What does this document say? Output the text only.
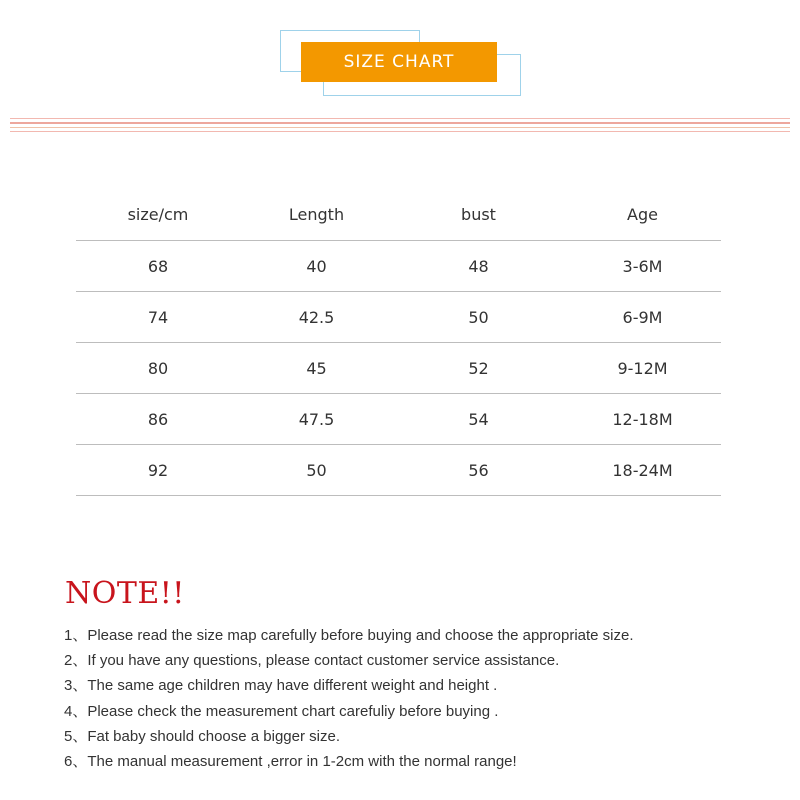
SIZE CHART
size/cm	Length	bust	Age
68	40	48	3-6M
74	42.5	50	6-9M
80	45	52	9-12M
86	47.5	54	12-18M
92	50	56	18-24M
NOTE!!
1、Please read the size map carefully before buying and choose the appropriate size.
2、If you have any questions, please contact customer service assistance.
3、The same age children may have different weight and height .
4、Please check the measurement chart carefuliy before buying .
5、Fat baby should choose a bigger size.
6、The manual measurement ,error in 1-2cm with the normal range!
